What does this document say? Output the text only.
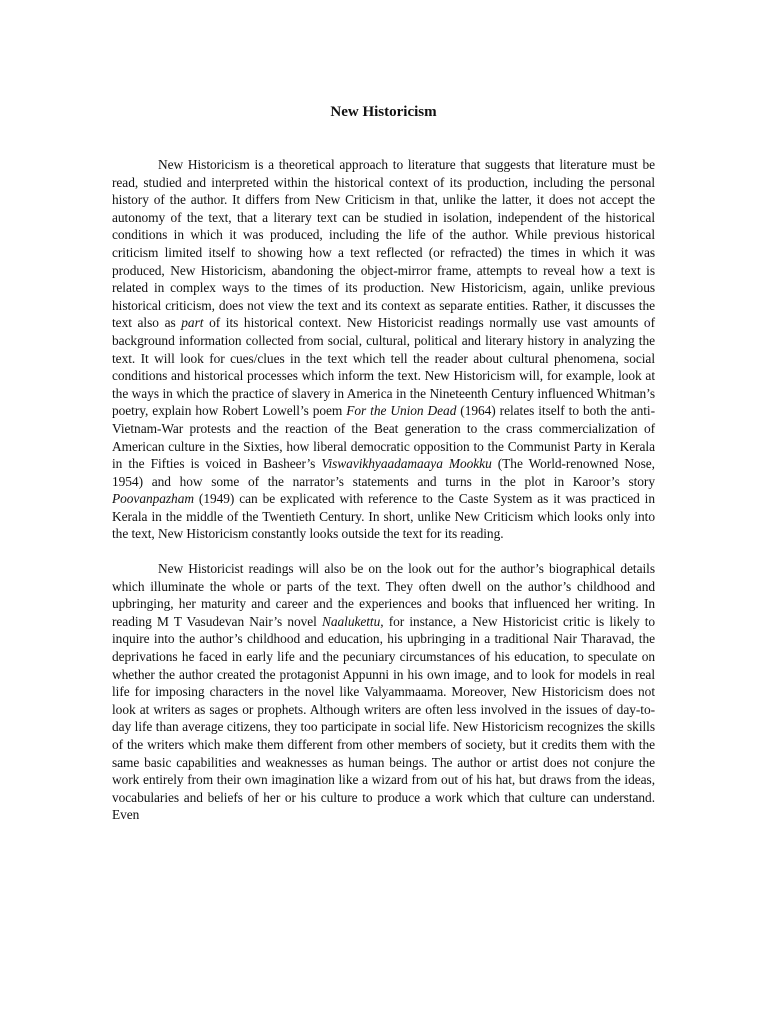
New Historicism

New Historicism is a theoretical approach to literature that suggests that literature must be read, studied and interpreted within the historical context of its production, including the personal history of the author. It differs from New Criticism in that, unlike the latter, it does not accept the autonomy of the text, that a literary text can be studied in isolation, independent of the historical conditions in which it was produced, including the life of the author. While previous historical criticism limited itself to showing how a text reflected (or refracted) the times in which it was produced, New Historicism, abandoning the object-mirror frame, attempts to reveal how a text is related in complex ways to the times of its production. New Historicism, again, unlike previous historical criticism, does not view the text and its context as separate entities. Rather, it discusses the text also as part of its historical context. New Historicist readings normally use vast amounts of background information collected from social, cultural, political and literary history in analyzing the text. It will look for cues/clues in the text which tell the reader about cultural phenomena, social conditions and historical processes which inform the text. New Historicism will, for example, look at the ways in which the practice of slavery in America in the Nineteenth Century influenced Whitman’s poetry, explain how Robert Lowell’s poem For the Union Dead (1964) relates itself to both the anti-Vietnam-War protests and the reaction of the Beat generation to the crass commercialization of American culture in the Sixties, how liberal democratic opposition to the Communist Party in Kerala in the Fifties is voiced in Basheer’s Viswavikhyaadamaaya Mookku (The World-renowned Nose, 1954) and how some of the narrator’s statements and turns in the plot in Karoor’s story Poovanpazham (1949) can be explicated with reference to the Caste System as it was practiced in Kerala in the middle of the Twentieth Century. In short, unlike New Criticism which looks only into the text, New Historicism constantly looks outside the text for its reading.

New Historicist readings will also be on the look out for the author’s biographical details which illuminate the whole or parts of the text. They often dwell on the author’s childhood and upbringing, her maturity and career and the experiences and books that influenced her writing. In reading M T Vasudevan Nair’s novel Naalukettu, for instance, a New Historicist critic is likely to inquire into the author’s childhood and education, his upbringing in a traditional Nair Tharavad, the deprivations he faced in early life and the pecuniary circumstances of his education, to speculate on whether the author created the protagonist Appunni in his own image, and to look for models in real life for imposing characters in the novel like Valyammaama. Moreover, New Historicism does not look at writers as sages or prophets. Although writers are often less involved in the issues of day-to-day life than average citizens, they too participate in social life. New Historicism recognizes the skills of the writers which make them different from other members of society, but it credits them with the same basic capabilities and weaknesses as human beings. The author or artist does not conjure the work entirely from their own imagination like a wizard from out of his hat, but draws from the ideas, vocabularies and beliefs of her or his culture to produce a work which that culture can understand. Even
